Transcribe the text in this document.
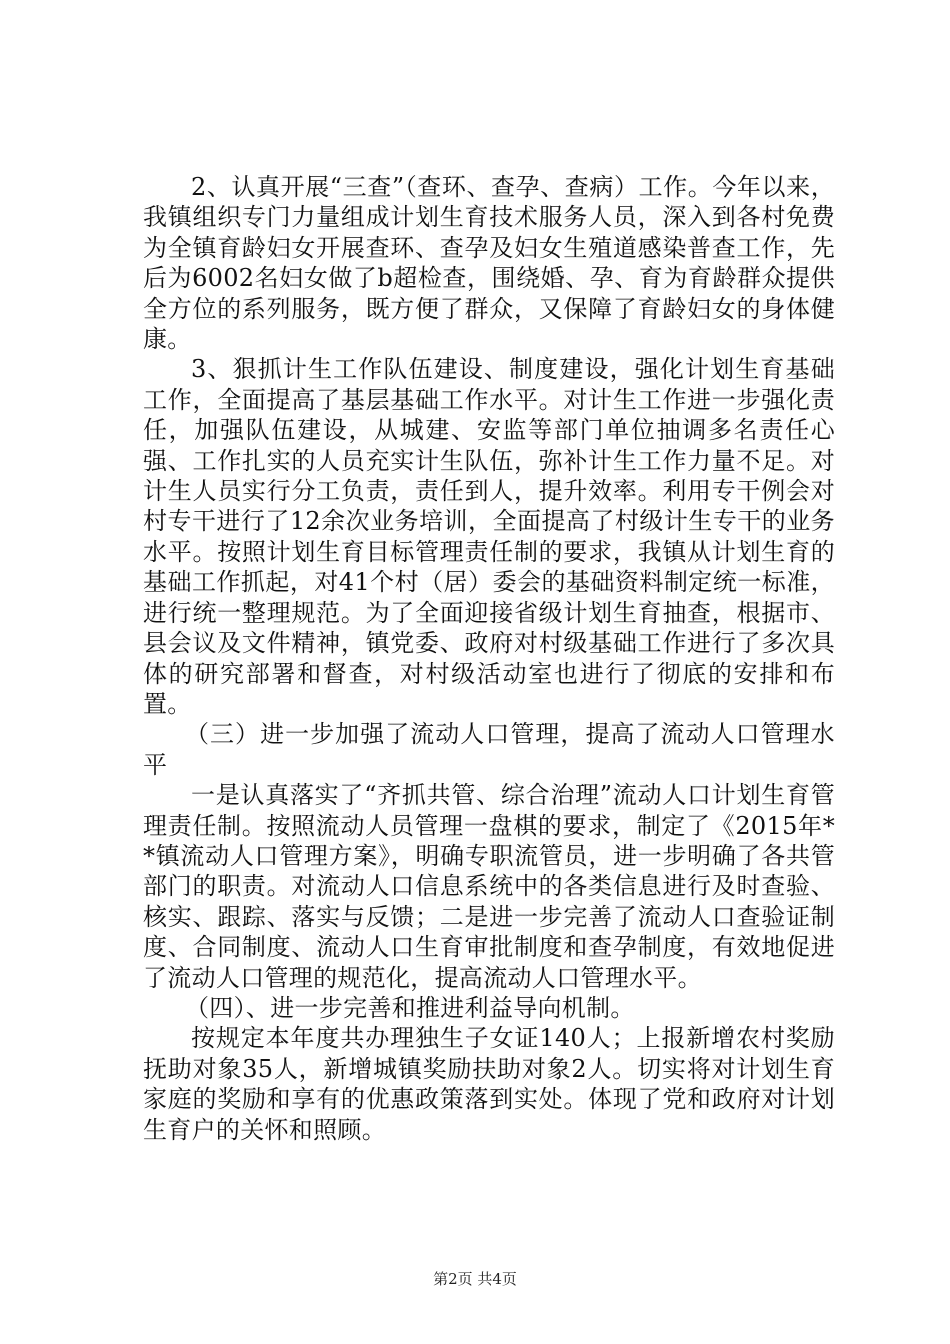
2、认真开展“三查”（查环、查孕、查病）工作。今年以来，我镇组织专门力量组成计划生育技术服务人员，深入到各村免费为全镇育龄妇女开展查环、查孕及妇女生殖道感染普查工作，先后为6002名妇女做了b超检查，围绕婚、孕、育为育龄群众提供全方位的系列服务，既方便了群众，又保障了育龄妇女的身体健康。

3、狠抓计生工作队伍建设、制度建设，强化计划生育基础工作，全面提高了基层基础工作水平。对计生工作进一步强化责任，加强队伍建设，从城建、安监等部门单位抽调多名责任心强、工作扎实的人员充实计生队伍，弥补计生工作力量不足。对计生人员实行分工负责，责任到人，提升效率。利用专干例会对村专干进行了12余次业务培训，全面提高了村级计生专干的业务水平。按照计划生育目标管理责任制的要求，我镇从计划生育的基础工作抓起，对41个村（居）委会的基础资料制定统一标准，进行统一整理规范。为了全面迎接省级计划生育抽查，根据市、县会议及文件精神，镇党委、政府对村级基础工作进行了多次具体的研究部署和督查，对村级活动室也进行了彻底的安排和布置。

（三）进一步加强了流动人口管理，提高了流动人口管理水平

一是认真落实了“齐抓共管、综合治理”流动人口计划生育管理责任制。按照流动人员管理一盘棋的要求，制定了《2015年**镇流动人口管理方案》，明确专职流管员，进一步明确了各共管部门的职责。对流动人口信息系统中的各类信息进行及时查验、核实、跟踪、落实与反馈；二是进一步完善了流动人口查验证制度、合同制度、流动人口生育审批制度和查孕制度，有效地促进了流动人口管理的规范化，提高流动人口管理水平。

（四）、进一步完善和推进利益导向机制。

按规定本年度共办理独生子女证140人；上报新增农村奖励抚助对象35人，新增城镇奖励扶助对象2人。切实将对计划生育家庭的奖励和享有的优惠政策落到实处。体现了党和政府对计划生育户的关怀和照顾。

第2页 共4页
